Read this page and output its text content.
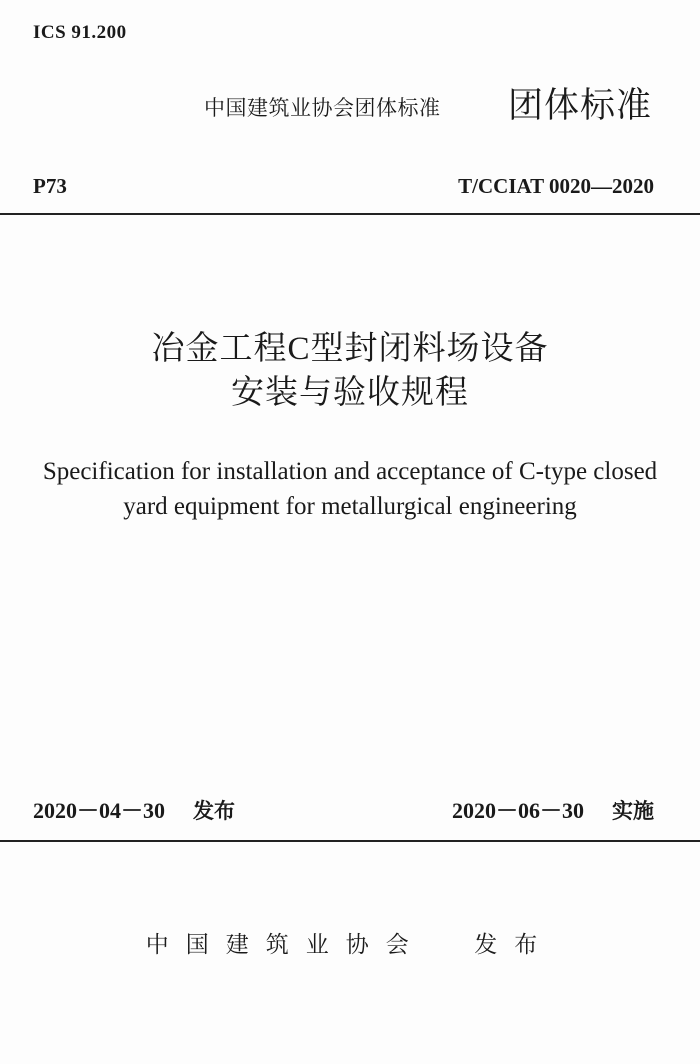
ICS 91.200
中国建筑业协会团体标准 团体标准
P73	T/CCIAT 0020—2020
冶金工程C型封闭料场设备
安装与验收规程
Specification for installation and acceptance of C-type closed
yard equipment for metallurgical engineering
2020－04－30 发布	2020－06－30 实施
中国建筑业协会  发布
